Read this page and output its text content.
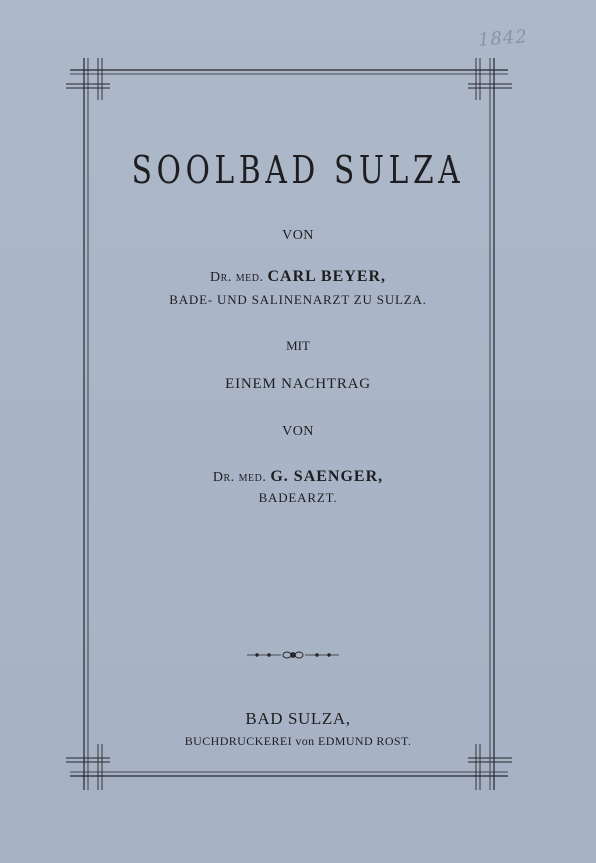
1842
SOOLBAD SULZA
VON
Dr. med. CARL BEYER,
BADE- UND SALINENARZT ZU SULZA.
MIT
EINEM NACHTRAG
VON
Dr. med. G. SAENGER,
BADEARZT.
BAD SULZA,
BUCHDRUCKEREI von EDMUND ROST.
